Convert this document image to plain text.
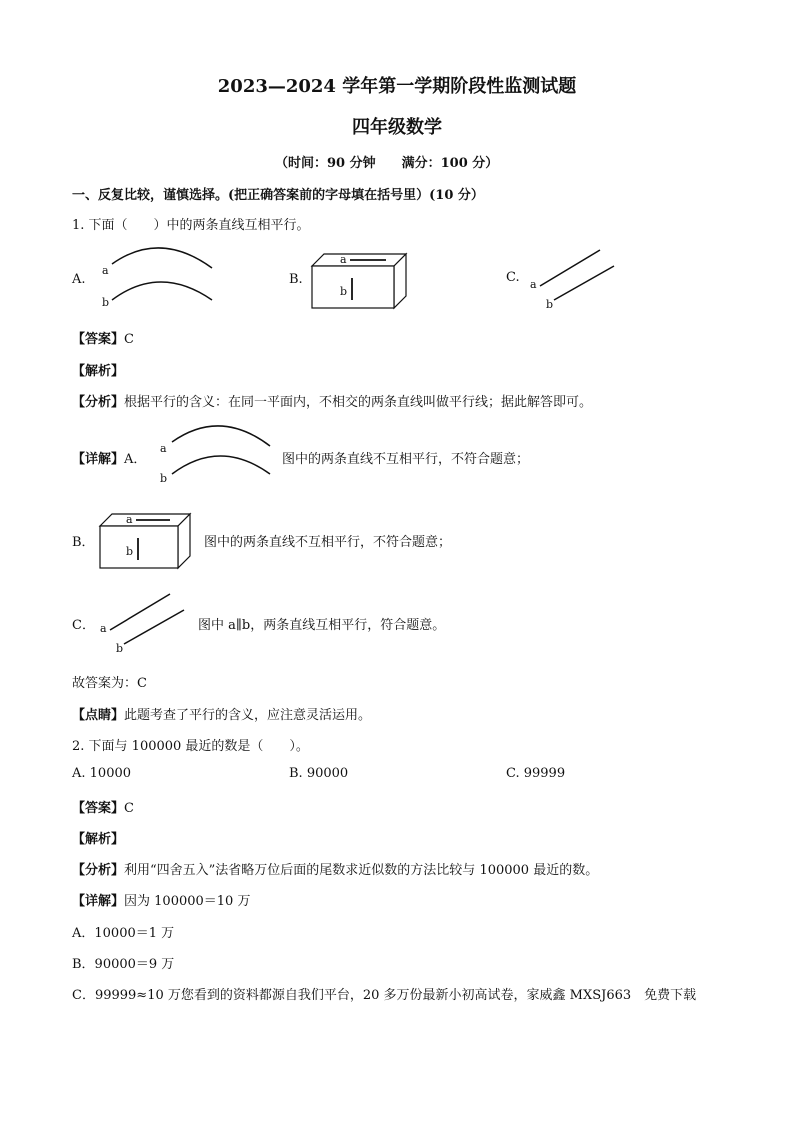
2023—2024 学年第一学期阶段性监测试题
四年级数学
（时间：90 分钟　　满分：100 分）
一、反复比较，谨慎选择。(把正确答案前的字母填在括号里）(10 分）
1. 下面（　　）中的两条直线互相平行。
A.
a
b
B.
a
b
C. a
b
【答案】C
【解析】
【分析】根据平行的含义：在同一平面内，不相交的两条直线叫做平行线；据此解答即可。
【详解】A．
a
b
图中的两条直线不互相平行，不符合题意；
B．
a
b
图中的两条直线不互相平行，不符合题意；
C． a
b
图中 a∥b，两条直线互相平行，符合题意。
故答案为：C
【点睛】此题考查了平行的含义，应注意灵活运用。
2. 下面与 100000 最近的数是（　　）。
A. 10000	B. 90000	C. 99999
【答案】C
【解析】
【分析】利用“四舍五入”法省略万位后面的尾数求近似数的方法比较与 100000 最近的数。
【详解】因为 100000＝10 万
A．10000＝1 万
B．90000＝9 万
C．99999≈10 万您看到的资料都源自我们平台，20 多万份最新小初高试卷，家威鑫 MXSJ663　免费下载
